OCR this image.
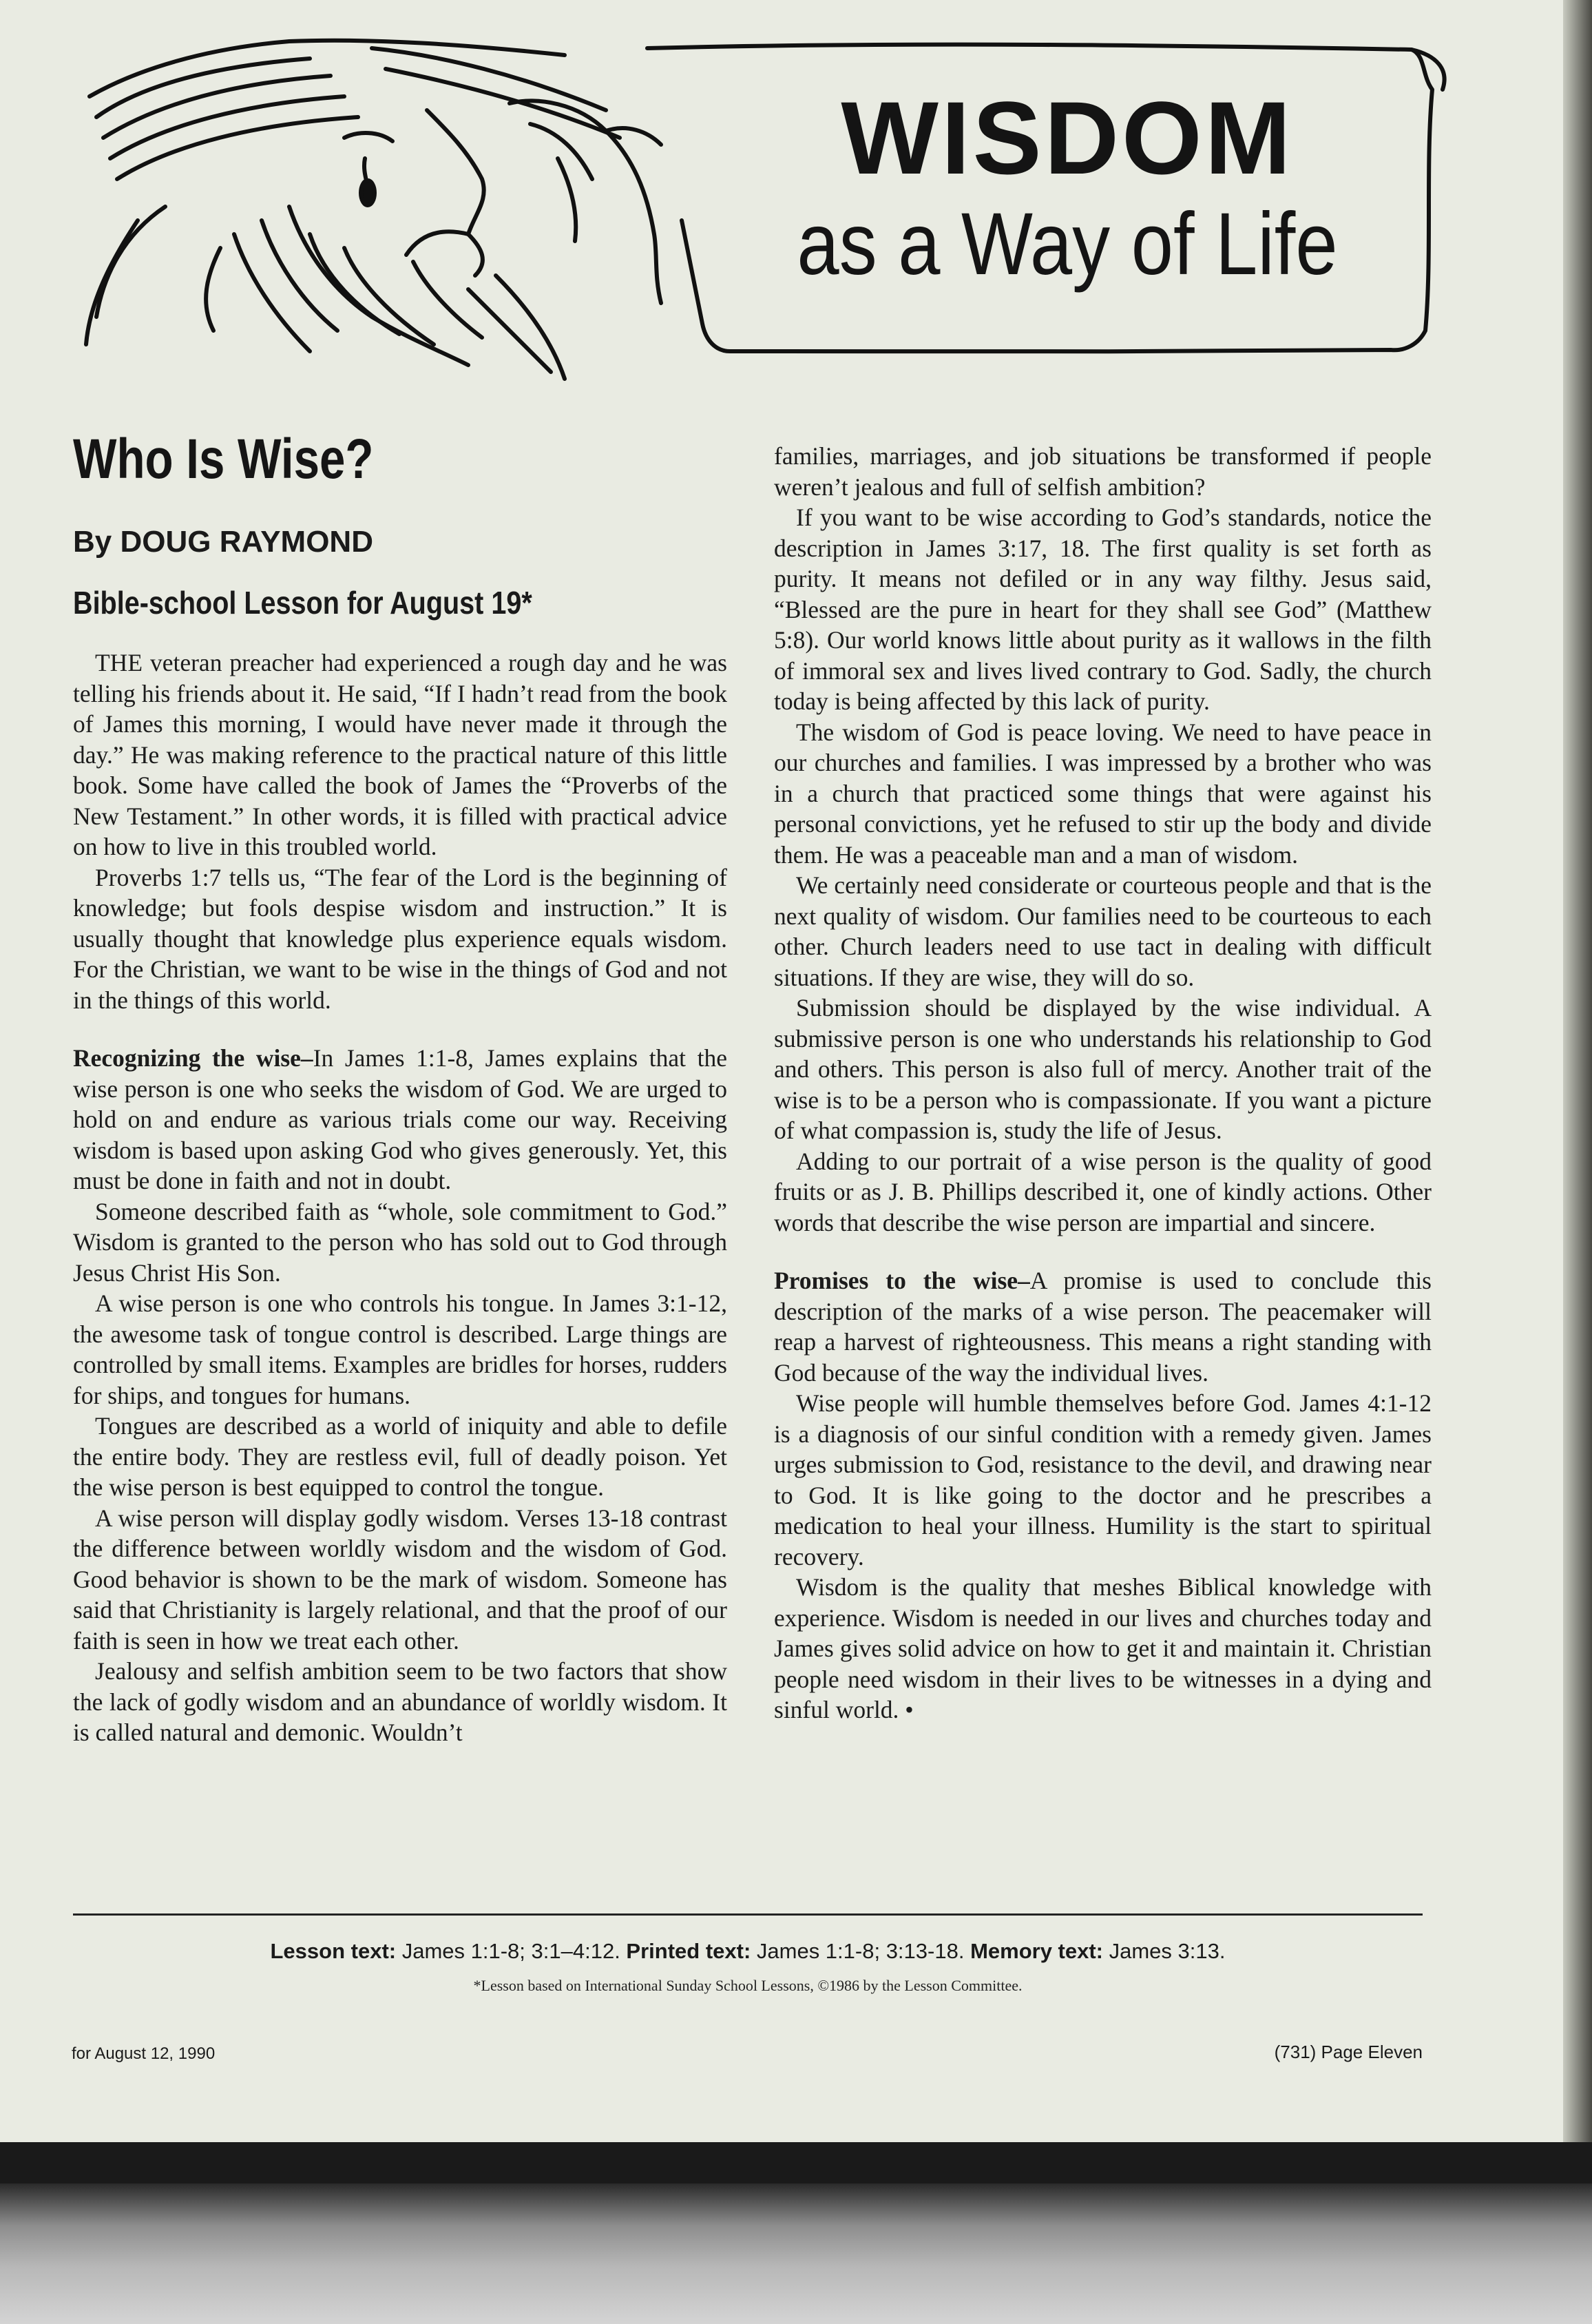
WISDOM
as a Way of Life
Who Is Wise?
By DOUG RAYMOND
Bible-school Lesson for August 19*

THE veteran preacher had experienced a rough day and he was telling his friends about it. He said, “If I hadn’t read from the book of James this morning, I would have never made it through the day.” He was making reference to the practical nature of this little book. Some have called the book of James the “Proverbs of the New Testament.” In other words, it is filled with practical advice on how to live in this troubled world.

Proverbs 1:7 tells us, “The fear of the Lord is the beginning of knowledge; but fools despise wisdom and instruction.” It is usually thought that knowledge plus experience equals wisdom. For the Christian, we want to be wise in the things of God and not in the things of this world.

Recognizing the wise–In James 1:1-8, James explains that the wise person is one who seeks the wisdom of God. We are urged to hold on and endure as various trials come our way. Receiving wisdom is based upon asking God who gives generously. Yet, this must be done in faith and not in doubt.

Someone described faith as “whole, sole commitment to God.” Wisdom is granted to the person who has sold out to God through Jesus Christ His Son.

A wise person is one who controls his tongue. In James 3:1-12, the awesome task of tongue control is described. Large things are controlled by small items. Examples are bridles for horses, rudders for ships, and tongues for humans.

Tongues are described as a world of iniquity and able to defile the entire body. They are restless evil, full of deadly poison. Yet the wise person is best equipped to control the tongue.

A wise person will display godly wisdom. Verses 13-18 contrast the difference between worldly wisdom and the wisdom of God. Good behavior is shown to be the mark of wisdom. Someone has said that Christianity is largely relational, and that the proof of our faith is seen in how we treat each other.

Jealousy and selfish ambition seem to be two factors that show the lack of godly wisdom and an abundance of worldly wisdom. It is called natural and demonic. Wouldn’t

families, marriages, and job situations be transformed if people weren’t jealous and full of selfish ambition?

If you want to be wise according to God’s standards, notice the description in James 3:17, 18. The first quality is set forth as purity. It means not defiled or in any way filthy. Jesus said, “Blessed are the pure in heart for they shall see God” (Matthew 5:8). Our world knows little about purity as it wallows in the filth of immoral sex and lives lived contrary to God. Sadly, the church today is being affected by this lack of purity.

The wisdom of God is peace loving. We need to have peace in our churches and families. I was impressed by a brother who was in a church that practiced some things that were against his personal convictions, yet he refused to stir up the body and divide them. He was a peaceable man and a man of wisdom.

We certainly need considerate or courteous people and that is the next quality of wisdom. Our families need to be courteous to each other. Church leaders need to use tact in dealing with difficult situations. If they are wise, they will do so.

Submission should be displayed by the wise individual. A submissive person is one who understands his relationship to God and others. This person is also full of mercy. Another trait of the wise is to be a person who is compassionate. If you want a picture of what compassion is, study the life of Jesus.

Adding to our portrait of a wise person is the quality of good fruits or as J. B. Phillips described it, one of kindly actions. Other words that describe the wise person are impartial and sincere.

Promises to the wise–A promise is used to conclude this description of the marks of a wise person. The peacemaker will reap a harvest of righteousness. This means a right standing with God because of the way the individual lives.

Wise people will humble themselves before God. James 4:1-12 is a diagnosis of our sinful condition with a remedy given. James urges submission to God, resistance to the devil, and drawing near to God. It is like going to the doctor and he prescribes a medication to heal your illness. Humility is the start to spiritual recovery.

Wisdom is the quality that meshes Biblical knowledge with experience. Wisdom is needed in our lives and churches today and James gives solid advice on how to get it and maintain it. Christian people need wisdom in their lives to be witnesses in a dying and sinful world. •

Lesson text: James 1:1-8; 3:1–4:12. Printed text: James 1:1-8; 3:13-18. Memory text: James 3:13.
*Lesson based on International Sunday School Lessons, ©1986 by the Lesson Committee.
for August 12, 1990	(731) Page Eleven
